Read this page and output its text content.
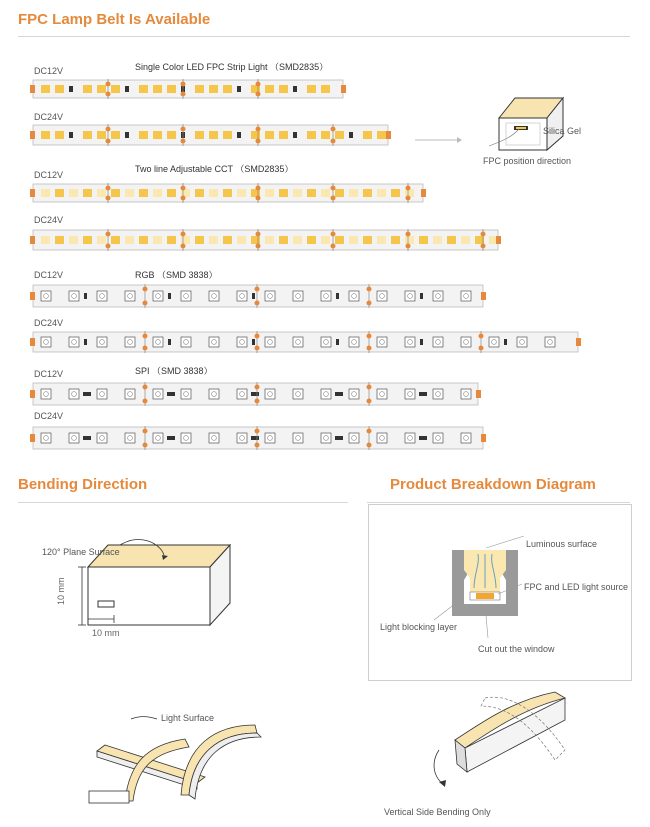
FPC Lamp Belt Is Available
Single Color LED FPC Strip Light （SMD2835）
DC12V
DC24V
Silica Gel
FPC position direction
Two line Adjustable CCT （SMD2835）
DC12V
DC24V
RGB （SMD 3838）
DC12V
DC24V
SPI （SMD 3838）
DC12V
DC24V
Bending Direction	Product Breakdown Diagram
120° Plane Surface
10 mm
10 mm
Luminous surface
FPC and LED light source
Light blocking layer
Cut out the window
Light Surface
Vertical Side Bending Only
